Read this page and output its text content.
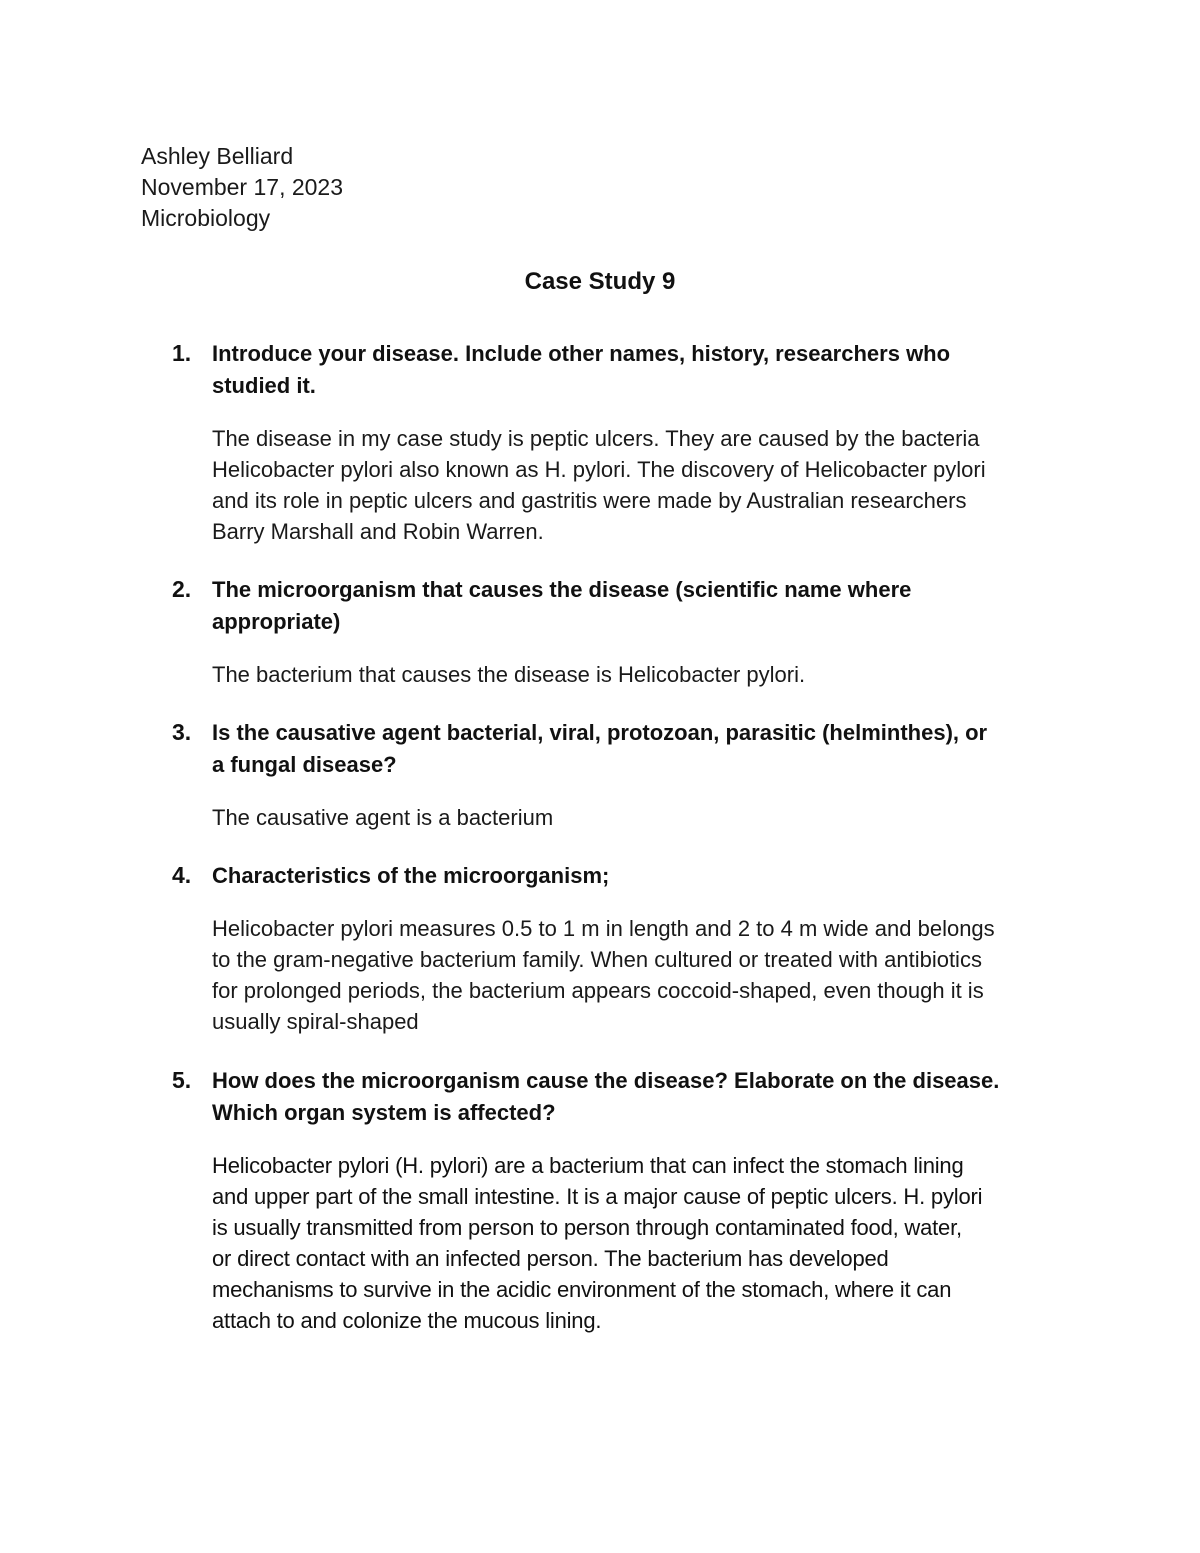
Ashley Belliard
November 17, 2023
Microbiology
Case Study 9
1. Introduce your disease. Include other names, history, researchers who
studied it.
The disease in my case study is peptic ulcers. They are caused by the bacteria
Helicobacter pylori also known as H. pylori. The discovery of Helicobacter pylori
and its role in peptic ulcers and gastritis were made by Australian researchers
Barry Marshall and Robin Warren.
2. The microorganism that causes the disease (scientific name where
appropriate)
The bacterium that causes the disease is Helicobacter pylori.
3. Is the causative agent bacterial, viral, protozoan, parasitic (helminthes), or
a fungal disease?
The causative agent is a bacterium
4. Characteristics of the microorganism;
Helicobacter pylori measures 0.5 to 1 m in length and 2 to 4 m wide and belongs
to the gram-negative bacterium family. When cultured or treated with antibiotics
for prolonged periods, the bacterium appears coccoid-shaped, even though it is
usually spiral-shaped
5. How does the microorganism cause the disease? Elaborate on the disease.
Which organ system is affected?
Helicobacter pylori (H. pylori) are a bacterium that can infect the stomach lining
and upper part of the small intestine. It is a major cause of peptic ulcers. H. pylori
is usually transmitted from person to person through contaminated food, water,
or direct contact with an infected person. The bacterium has developed
mechanisms to survive in the acidic environment of the stomach, where it can
attach to and colonize the mucous lining.
